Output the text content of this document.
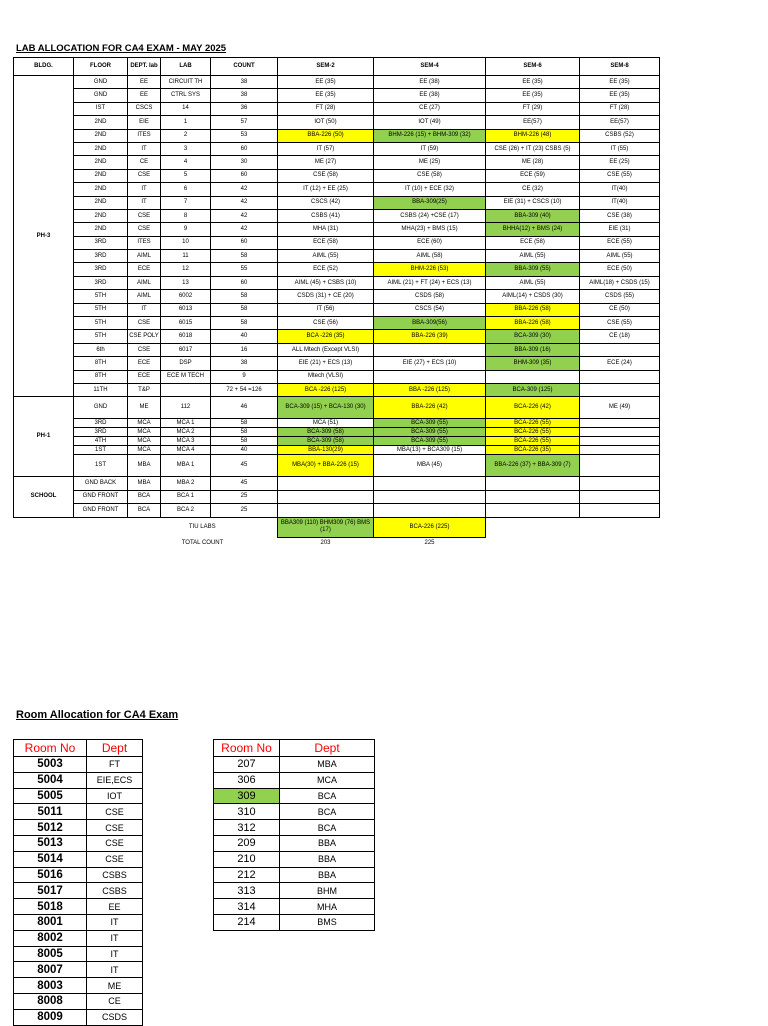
LAB ALLOCATION FOR CA4 EXAM - MAY 2025
BLDG.	FLOOR	DEPT. lab	LAB	COUNT	SEM-2	SEM-4	SEM-6	SEM-8
PH-3	GND	EE	CIRCUIT TH	38	EE (35)	EE (38)	EE (35)	EE (35)
	GND	EE	CTRL SYS	38	EE (35)	EE (38)	EE (35)	EE (35)
	IST	CSCS	14	36	FT (28)	CE (27)	FT (29)	FT (28)
	2ND	EIE	1	57	IOT (50)	IOT (49)	EE(57)	EE(57)
	2ND	ITES	2	53	BBA-226 (50)	BHM-226 (15) + BHM-309 (32)	BHM-226 (48)	CSBS (52)
	2ND	IT	3	60	IT (57)	IT (59)	CSE (26) + IT (23) CSBS (5)	IT (55)
	2ND	CE	4	30	ME (27)	ME (25)	ME (28)	EE (25)
	2ND	CSE	5	60	CSE (58)	CSE (58)	ECE (59)	CSE (55)
	2ND	IT	6	42	IT (12) + EE (25)	IT (10) + ECE (32)	CE (32)	IT(40)
	2ND	IT	7	42	CSCS (42)	BBA-309(25)	EIE (31) + CSCS (10)	IT(40)
	2ND	CSE	8	42	CSBS (41)	CSBS (24) +CSE (17)	BBA-309 (40)	CSE (38)
	2ND	CSE	9	42	MHA (31)	MHA(23) + BMS (15)	BHHA(12) + BMS (24)	EIE (31)
	3RD	ITES	10	60	ECE (58)	ECE (60)	ECE (58)	ECE (55)
	3RD	AIML	11	58	AIML (55)	AIML (58)	AIML (55)	AIML (55)
	3RD	ECE	12	55	ECE (52)	BHM-226 (53)	BBA-309 (55)	ECE (50)
	3RD	AIML	13	60	AIML (45) + CSBS (10)	AIML (21) + FT (24) + ECS (13)	AIML (55)	AIML(18) + CSDS (15)
	5TH	AIML	6002	58	CSDS (31) + CE (20)	CSDS (58)	AIML(14) + CSDS (30)	CSDS (55)
	5TH	IT	6013	58	IT (56)	CSCS (54)	BBA-226 (58)	CE (50)
	5TH	CSE	6015	58	CSE (56)	BBA-309(56)	BBA-226 (58)	CSE (55)
	5TH	CSE POLY	6018	40	BCA -226 (35)	BBA-226 (39)	BCA-309 (30)	CE (18)
	6th	CSE	6017	16	ALL Mtech (Except VLSI)		BBA-309 (16)	
	8TH	ECE	DSP	38	EIE (21) + ECS (13)	EIE (27) + ECS (10)	BHM-309 (35)	ECE (24)
	8TH	ECE	ECE M TECH	9	Mtech (VLSI)			
	11TH	T&P		72 + 54 =126	BCA -226 (125)	BBA -226 (125)	BCA-309 (125)	
PH-1	GND	ME	112	46	BCA-309 (15) + BCA-130 (30)	BBA-226 (42)	BCA-226 (42)	ME (49)
	3RD	MCA	MCA 1	58	MCA (51)	BCA-309 (55)	BCA-226 (55)	
	3RD	MCA	MCA 2	58	BCA-309 (58)	BCA-309 (55)	BCA-226 (55)	
	4TH	MCA	MCA 3	58	BCA-309 (58)	BCA-309 (55)	BCA-226 (55)	
	1ST	MCA	MCA 4	40	BBA-130(29)	MBA(13) + BCA309 (15)	BCA-226 (35)	
	1ST	MBA	MBA 1	45	MBA(30) + BBA-226 (15)	MBA (45)	BBA-226 (37) + BBA-309 (7)	
SCHOOL	GND BACK	MBA	MBA 2	45				
	GND FRONT	BCA	BCA 1	25				
	GND FRONT	BCA	BCA 2	25				
		TIU LABS			BBA309 (110) BHM309 (76) BMS (17)	BCA-226 (225)		
		TOTAL COUNT			203	225		
Room Allocation for CA4 Exam
Room No	Dept
5003	FT
5004	EIE,ECS
5005	IOT
5011	CSE
5012	CSE
5013	CSE
5014	CSE
5016	CSBS
5017	CSBS
5018	EE
8001	IT
8002	IT
8005	IT
8007	IT
8003	ME
8008	CE
8009	CSDS
Room No	Dept
207	MBA
306	MCA
309	BCA
310	BCA
312	BCA
209	BBA
210	BBA
212	BBA
313	BHM
314	MHA
214	BMS
